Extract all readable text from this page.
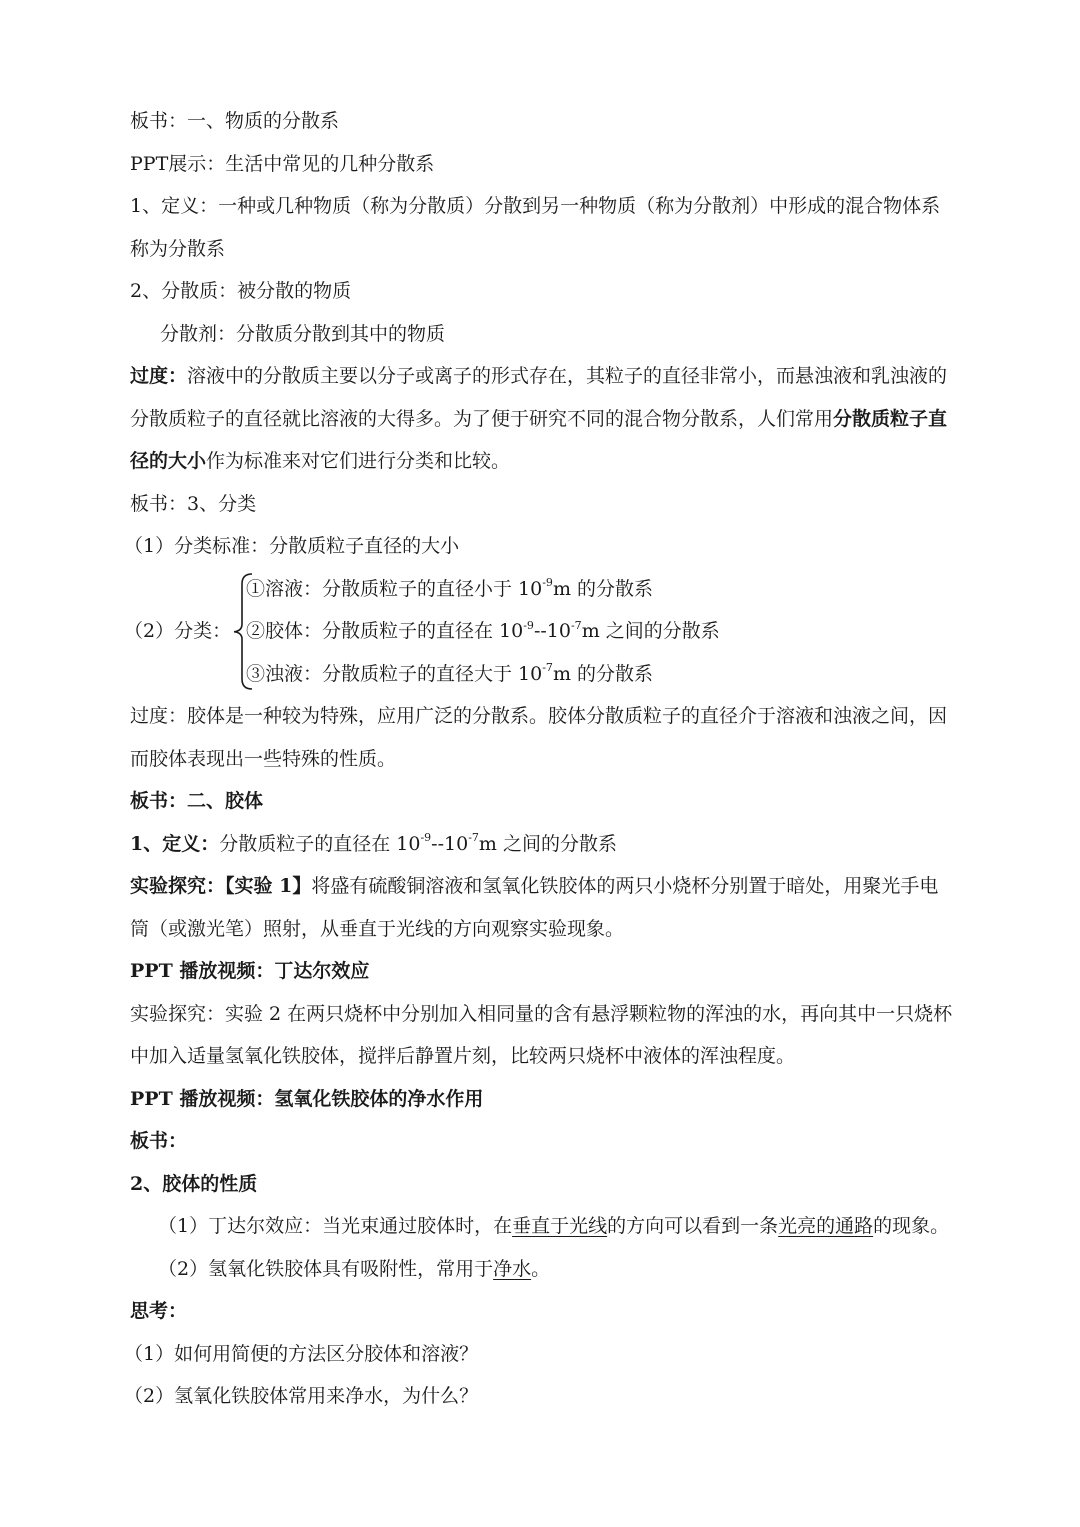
板书：一、物质的分散系

PPT展示：生活中常见的几种分散系

1、定义：一种或几种物质（称为分散质）分散到另一种物质（称为分散剂）中形成的混合物体系称为分散系

2、分散质：被分散的物质

分散剂：分散质分散到其中的物质

过度：溶液中的分散质主要以分子或离子的形式存在，其粒子的直径非常小，而悬浊液和乳浊液的分散质粒子的直径就比溶液的大得多。为了便于研究不同的混合物分散系，人们常用分散质粒子直径的大小作为标准来对它们进行分类和比较。

板书：3、分类

（1）分类标准：分散质粒子直径的大小

（2）分类：

①溶液：分散质粒子的直径小于 $10^{-9}m$ 的分散系

②胶体：分散质粒子的直径在 $10^{-9}--10^{-7}m$ 之间的分散系

③浊液：分散质粒子的直径大于 $10^{-7}m$ 的分散系

过度：胶体是一种较为特殊，应用广泛的分散系。胶体分散质粒子的直径介于溶液和浊液之间，因而胶体表现出一些特殊的性质。

板书：二、胶体

1、定义：分散质粒子的直径在 $10^{-9}--10^{-7}m$ 之间的分散系

实验探究：【实验 1】将盛有硫酸铜溶液和氢氧化铁胶体的两只小烧杯分别置于暗处，用聚光手电筒（或激光笔）照射，从垂直于光线的方向观察实验现象。

PPT 播放视频：丁达尔效应

实验探究：实验 2 在两只烧杯中分别加入相同量的含有悬浮颗粒物的浑浊的水，再向其中一只烧杯中加入适量氢氧化铁胶体，搅拌后静置片刻，比较两只烧杯中液体的浑浊程度。

PPT 播放视频：氢氧化铁胶体的净水作用

板书：

2、胶体的性质

（1）丁达尔效应：当光束通过胶体时，在垂直于光线的方向可以看到一条光亮的通路的现象。

（2）氢氧化铁胶体具有吸附性，常用于净水。

思考：

（1）如何用简便的方法区分胶体和溶液？

（2）氢氧化铁胶体常用来净水，为什么？
